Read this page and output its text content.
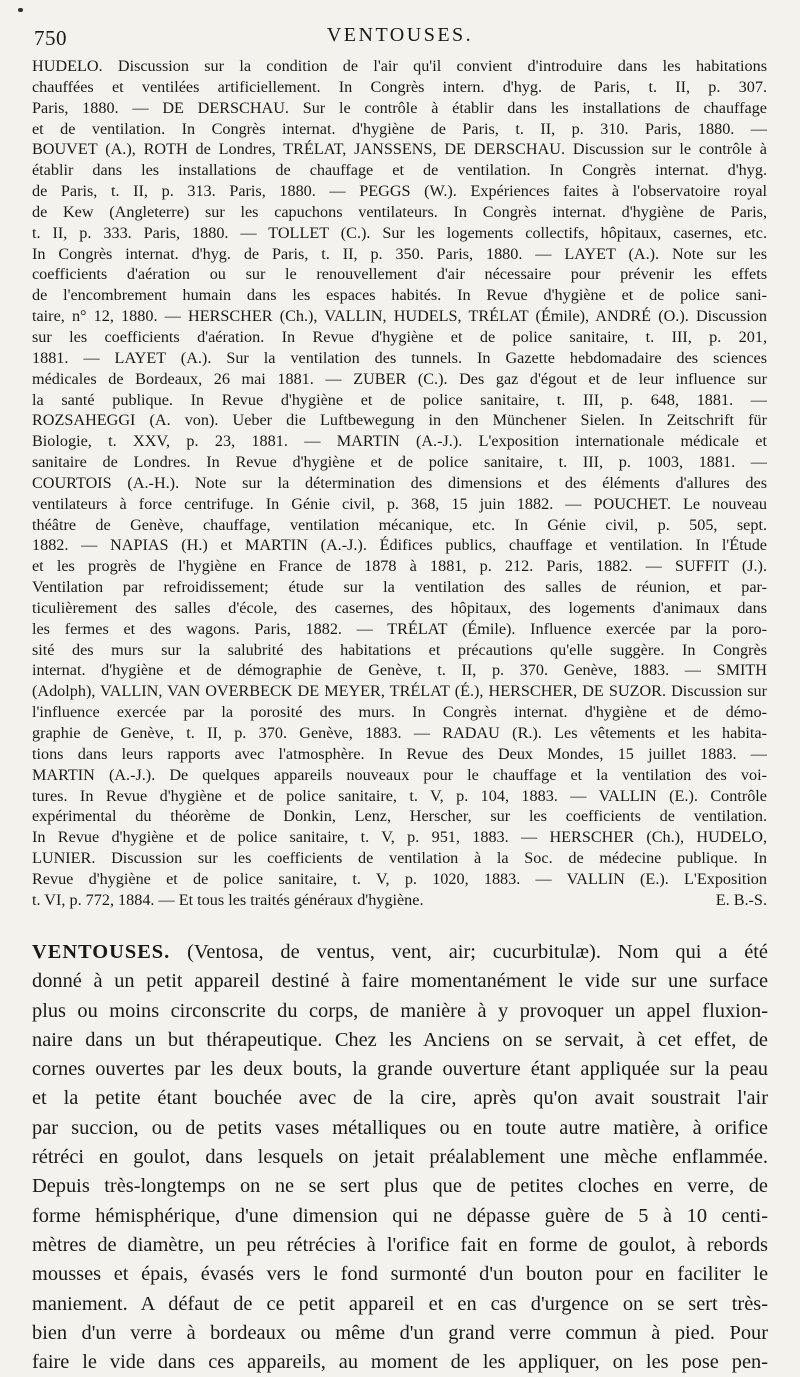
750	VENTOUSES.
HUDELO. Discussion sur la condition de l'air qu'il convient d'introduire dans les habitations
chauffées et ventilées artificiellement. In Congrès intern. d'hyg. de Paris, t. II, p. 307.
Paris, 1880. — DE DERSCHAU. Sur le contrôle à établir dans les installations de chauffage
et de ventilation. In Congrès internat. d'hygiène de Paris, t. II, p. 310. Paris, 1880. —
BOUVET (A.), ROTH de Londres, TRÉLAT, JANSSENS, DE DERSCHAU. Discussion sur le contrôle à
établir dans les installations de chauffage et de ventilation. In Congrès internat. d'hyg.
de Paris, t. II, p. 313. Paris, 1880. — PEGGS (W.). Expériences faites à l'observatoire royal
de Kew (Angleterre) sur les capuchons ventilateurs. In Congrès internat. d'hygiène de Paris,
t. II, p. 333. Paris, 1880. — TOLLET (C.). Sur les logements collectifs, hôpitaux, casernes, etc.
In Congrès internat. d'hyg. de Paris, t. II, p. 350. Paris, 1880. — LAYET (A.). Note sur les
coefficients d'aération ou sur le renouvellement d'air nécessaire pour prévenir les effets
de l'encombrement humain dans les espaces habités. In Revue d'hygiène et de police sani-
taire, n° 12, 1880. — HERSCHER (Ch.), VALLIN, HUDELS, TRÉLAT (Émile), ANDRÉ (O.). Discussion
sur les coefficients d'aération. In Revue d'hygiène et de police sanitaire, t. III, p. 201,
1881. — LAYET (A.). Sur la ventilation des tunnels. In Gazette hebdomadaire des sciences
médicales de Bordeaux, 26 mai 1881. — ZUBER (C.). Des gaz d'égout et de leur influence sur
la santé publique. In Revue d'hygiène et de police sanitaire, t. III, p. 648, 1881. —
ROZSAHEGGI (A. von). Ueber die Luftbewegung in den Münchener Sielen. In Zeitschrift für
Biologie, t. XXV, p. 23, 1881. — MARTIN (A.-J.). L'exposition internationale médicale et
sanitaire de Londres. In Revue d'hygiène et de police sanitaire, t. III, p. 1003, 1881. —
COURTOIS (A.-H.). Note sur la détermination des dimensions et des éléments d'allures des
ventilateurs à force centrifuge. In Génie civil, p. 368, 15 juin 1882. — POUCHET. Le nouveau
théâtre de Genève, chauffage, ventilation mécanique, etc. In Génie civil, p. 505, sept.
1882. — NAPIAS (H.) et MARTIN (A.-J.). Édifices publics, chauffage et ventilation. In l'Étude
et les progrès de l'hygiène en France de 1878 à 1881, p. 212. Paris, 1882. — SUFFIT (J.).
Ventilation par refroidissement; étude sur la ventilation des salles de réunion, et par-
ticulièrement des salles d'école, des casernes, des hôpitaux, des logements d'animaux dans
les fermes et des wagons. Paris, 1882. — TRÉLAT (Émile). Influence exercée par la poro-
sité des murs sur la salubrité des habitations et précautions qu'elle suggère. In Congrès
internat. d'hygiène et de démographie de Genève, t. II, p. 370. Genève, 1883. — SMITH
(Adolph), VALLIN, VAN OVERBECK DE MEYER, TRÉLAT (É.), HERSCHER, DE SUZOR. Discussion sur
l'influence exercée par la porosité des murs. In Congrès internat. d'hygiène et de démo-
graphie de Genève, t. II, p. 370. Genève, 1883. — RADAU (R.). Les vêtements et les habita-
tions dans leurs rapports avec l'atmosphère. In Revue des Deux Mondes, 15 juillet 1883. —
MARTIN (A.-J.). De quelques appareils nouveaux pour le chauffage et la ventilation des voi-
tures. In Revue d'hygiène et de police sanitaire, t. V, p. 104, 1883. — VALLIN (E.). Contrôle
expérimental du théorème de Donkin, Lenz, Herscher, sur les coefficients de ventilation.
In Revue d'hygiène et de police sanitaire, t. V, p. 951, 1883. — HERSCHER (Ch.), HUDELO,
LUNIER. Discussion sur les coefficients de ventilation à la Soc. de médecine publique. In
Revue d'hygiène et de police sanitaire, t. V, p. 1020, 1883. — VALLIN (E.). L'Exposition
t. VI, p. 772, 1884. — Et tous les traités généraux d'hygiène.	E. B.-S.
VENTOUSES. (Ventosa, de ventus, vent, air; cucurbitulæ). Nom qui a été
donné à un petit appareil destiné à faire momentanément le vide sur une surface
plus ou moins circonscrite du corps, de manière à y provoquer un appel fluxion-
naire dans un but thérapeutique. Chez les Anciens on se servait, à cet effet, de
cornes ouvertes par les deux bouts, la grande ouverture étant appliquée sur la peau
et la petite étant bouchée avec de la cire, après qu'on avait soustrait l'air
par succion, ou de petits vases métalliques ou en toute autre matière, à orifice
rétréci en goulot, dans lesquels on jetait préalablement une mèche enflammée.
Depuis très-longtemps on ne se sert plus que de petites cloches en verre, de
forme hémisphérique, d'une dimension qui ne dépasse guère de 5 à 10 centi-
mètres de diamètre, un peu rétrécies à l'orifice fait en forme de goulot, à rebords
mousses et épais, évasés vers le fond surmonté d'un bouton pour en faciliter le
maniement. A défaut de ce petit appareil et en cas d'urgence on se sert très-
bien d'un verre à bordeaux ou même d'un grand verre commun à pied. Pour
faire le vide dans ces appareils, au moment de les appliquer, on les pose pen-
